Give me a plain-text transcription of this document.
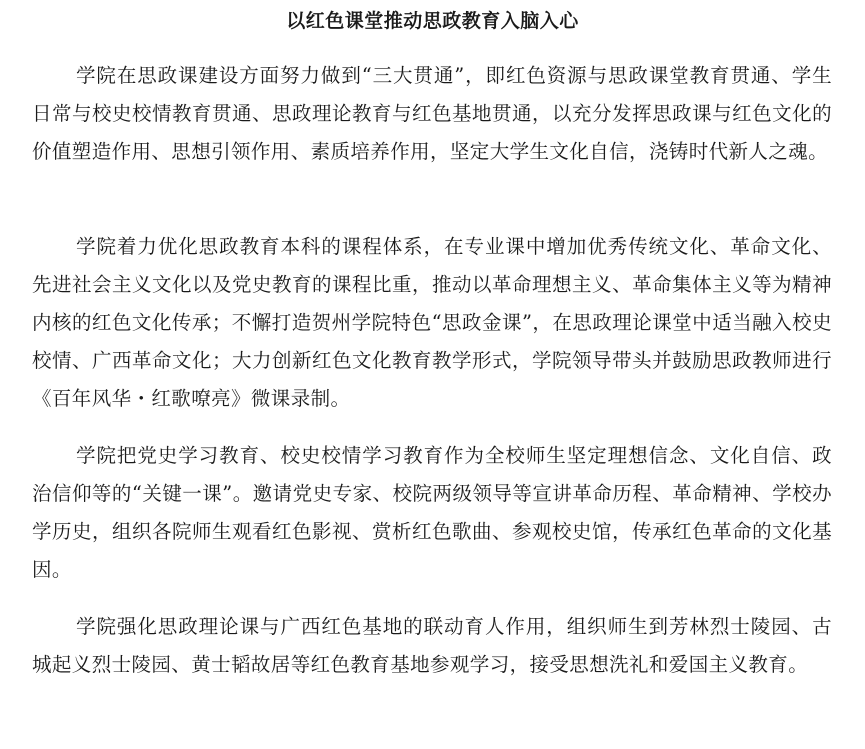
以红色课堂推动思政教育入脑入心

学院在思政课建设方面努力做到“三大贯通”，即红色资源与思政课堂教育贯通、学生日常与校史校情教育贯通、思政理论教育与红色基地贯通，以充分发挥思政课与红色文化的价值塑造作用、思想引领作用、素质培养作用，坚定大学生文化自信，浇铸时代新人之魂。

学院着力优化思政教育本科的课程体系，在专业课中增加优秀传统文化、革命文化、先进社会主义文化以及党史教育的课程比重，推动以革命理想主义、革命集体主义等为精神内核的红色文化传承；不懈打造贺州学院特色“思政金课”，在思政理论课堂中适当融入校史校情、广西革命文化；大力创新红色文化教育教学形式，学院领导带头并鼓励思政教师进行《百年风华・红歌嘹亮》微课录制。

学院把党史学习教育、校史校情学习教育作为全校师生坚定理想信念、文化自信、政治信仰等的“关键一课”。邀请党史专家、校院两级领导等宣讲革命历程、革命精神、学校办学历史，组织各院师生观看红色影视、赏析红色歌曲、参观校史馆，传承红色革命的文化基因。

学院强化思政理论课与广西红色基地的联动育人作用，组织师生到芳林烈士陵园、古城起义烈士陵园、黄士韬故居等红色教育基地参观学习，接受思想洗礼和爱国主义教育。
